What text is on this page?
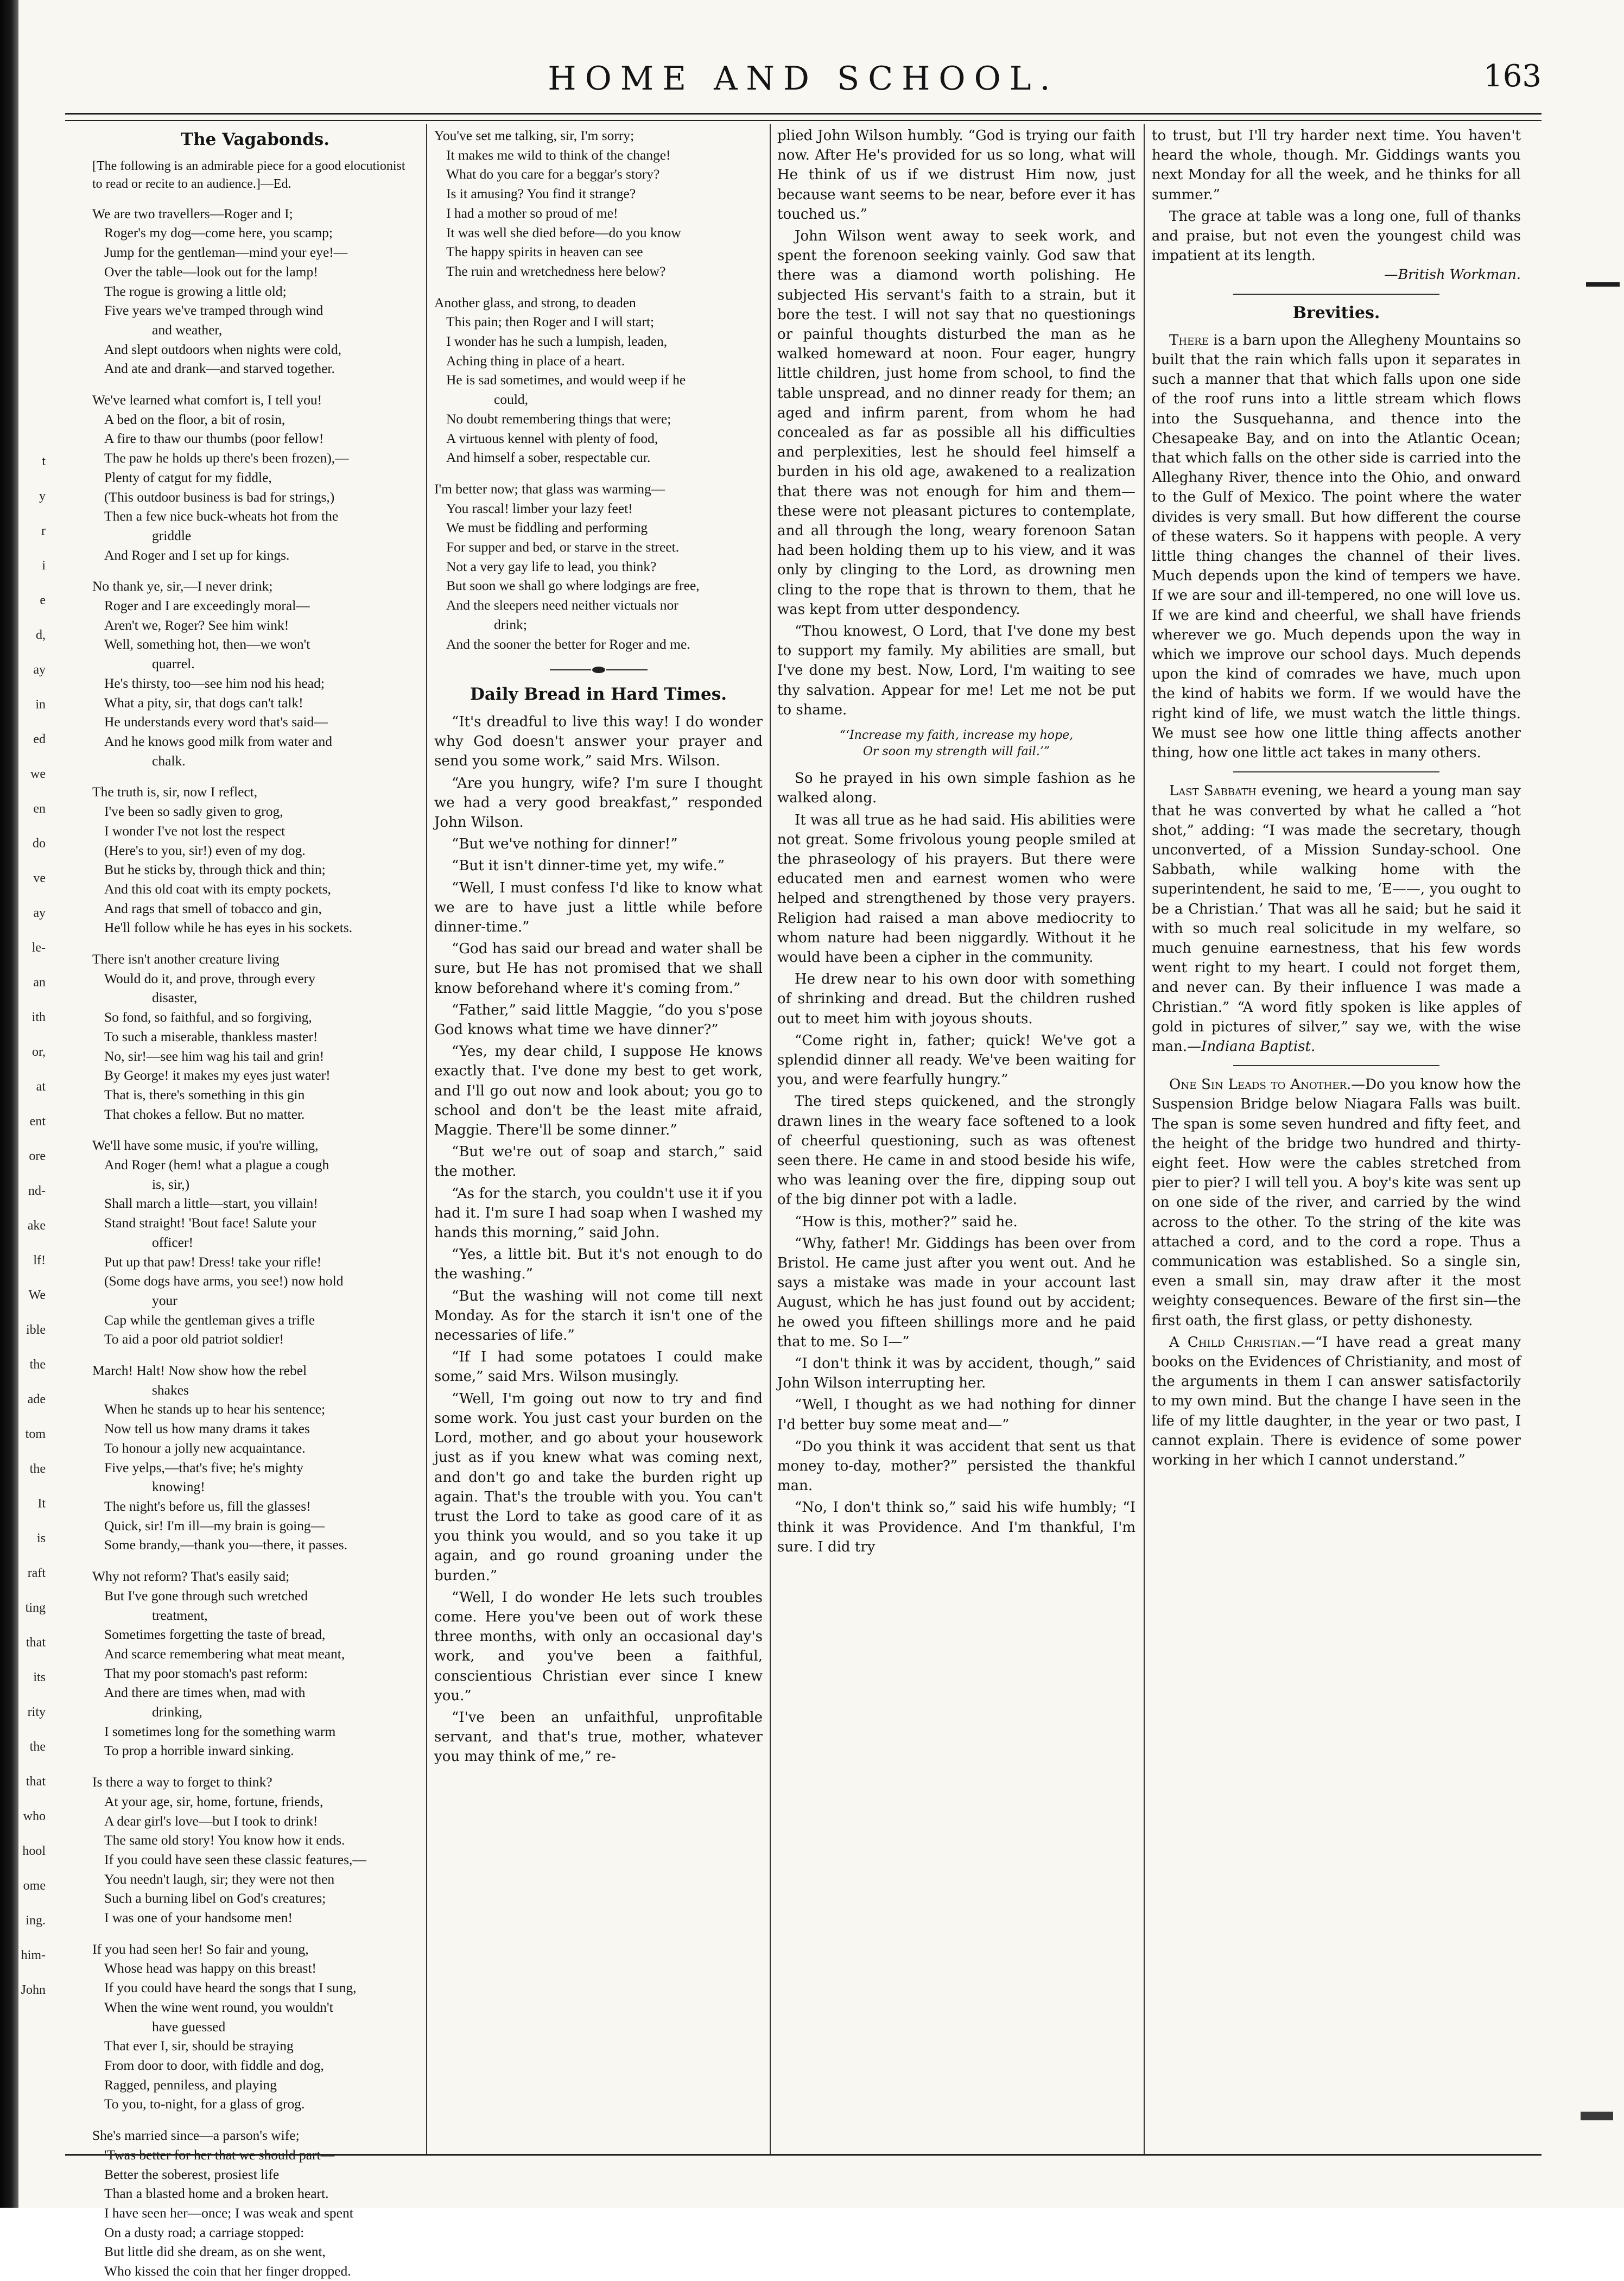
t
y
r
i
e
d,
ay
in
ed
we
en
do
ve
ay
le-
an
ith
or,
at
ent
ore
nd-
ake
lf!
We
ible
the
ade
tom
the
It
is
raft
ting
that
its
rity
the
that
who
hool
ome
ing.
him-
John
HOME AND SCHOOL.	163
The Vagabonds.
[The following is an admirable piece for a good elocutionist to read or recite to an audience.]—Ed.
We are two travellers—Roger and I;
Roger's my dog—come here, you scamp;
Jump for the gentleman—mind your eye!—
Over the table—look out for the lamp!
The rogue is growing a little old;
Five years we've tramped through wind
and weather,
And slept outdoors when nights were cold,
And ate and drank—and starved together.
We've learned what comfort is, I tell you!
A bed on the floor, a bit of rosin,
A fire to thaw our thumbs (poor fellow!
The paw he holds up there's been frozen),—
Plenty of catgut for my fiddle,
(This outdoor business is bad for strings,)
Then a few nice buck-wheats hot from the
griddle
And Roger and I set up for kings.
No thank ye, sir,—I never drink;
Roger and I are exceedingly moral—
Aren't we, Roger? See him wink!
Well, something hot, then—we won't
quarrel.
He's thirsty, too—see him nod his head;
What a pity, sir, that dogs can't talk!
He understands every word that's said—
And he knows good milk from water and
chalk.
The truth is, sir, now I reflect,
I've been so sadly given to grog,
I wonder I've not lost the respect
(Here's to you, sir!) even of my dog.
But he sticks by, through thick and thin;
And this old coat with its empty pockets,
And rags that smell of tobacco and gin,
He'll follow while he has eyes in his sockets.
There isn't another creature living
Would do it, and prove, through every
disaster,
So fond, so faithful, and so forgiving,
To such a miserable, thankless master!
No, sir!—see him wag his tail and grin!
By George! it makes my eyes just water!
That is, there's something in this gin
That chokes a fellow. But no matter.
We'll have some music, if you're willing,
And Roger (hem! what a plague a cough
is, sir,)
Shall march a little—start, you villain!
Stand straight! 'Bout face! Salute your
officer!
Put up that paw! Dress! take your rifle!
(Some dogs have arms, you see!) now hold
your
Cap while the gentleman gives a trifle
To aid a poor old patriot soldier!
March! Halt! Now show how the rebel
shakes
When he stands up to hear his sentence;
Now tell us how many drams it takes
To honour a jolly new acquaintance.
Five yelps,—that's five; he's mighty
knowing!
The night's before us, fill the glasses!
Quick, sir! I'm ill—my brain is going—
Some brandy,—thank you—there, it passes.
Why not reform? That's easily said;
But I've gone through such wretched
treatment,
Sometimes forgetting the taste of bread,
And scarce remembering what meat meant,
That my poor stomach's past reform:
And there are times when, mad with
drinking,
I sometimes long for the something warm
To prop a horrible inward sinking.
Is there a way to forget to think?
At your age, sir, home, fortune, friends,
A dear girl's love—but I took to drink!
The same old story! You know how it ends.
If you could have seen these classic features,—
You needn't laugh, sir; they were not then
Such a burning libel on God's creatures;
I was one of your handsome men!
If you had seen her! So fair and young,
Whose head was happy on this breast!
If you could have heard the songs that I sung,
When the wine went round, you wouldn't
have guessed
That ever I, sir, should be straying
From door to door, with fiddle and dog,
Ragged, penniless, and playing
To you, to-night, for a glass of grog.
She's married since—a parson's wife;
'Twas better for her that we should part—
Better the soberest, prosiest life
Than a blasted home and a broken heart.
I have seen her—once; I was weak and spent
On a dusty road; a carriage stopped:
But little did she dream, as on she went,
Who kissed the coin that her finger dropped.
You've set me talking, sir, I'm sorry;
It makes me wild to think of the change!
What do you care for a beggar's story?
Is it amusing? You find it strange?
I had a mother so proud of me!
It was well she died before—do you know
The happy spirits in heaven can see
The ruin and wretchedness here below?
Another glass, and strong, to deaden
This pain; then Roger and I will start;
I wonder has he such a lumpish, leaden,
Aching thing in place of a heart.
He is sad sometimes, and would weep if he
could,
No doubt remembering things that were;
A virtuous kennel with plenty of food,
And himself a sober, respectable cur.
I'm better now; that glass was warming—
You rascal! limber your lazy feet!
We must be fiddling and performing
For supper and bed, or starve in the street.
Not a very gay life to lead, you think?
But soon we shall go where lodgings are free,
And the sleepers need neither victuals nor
drink;
And the sooner the better for Roger and me.
Daily Bread in Hard Times.

“It's dreadful to live this way! I do wonder why God doesn't answer your prayer and send you some work,” said Mrs. Wilson.

“Are you hungry, wife? I'm sure I thought we had a very good breakfast,” responded John Wilson.

“But we've nothing for dinner!”

“But it isn't dinner-time yet, my wife.”

“Well, I must confess I'd like to know what we are to have just a little while before dinner-time.”

“God has said our bread and water shall be sure, but He has not promised that we shall know beforehand where it's coming from.”

“Father,” said little Maggie, “do you s'pose God knows what time we have dinner?”

“Yes, my dear child, I suppose He knows exactly that. I've done my best to get work, and I'll go out now and look about; you go to school and don't be the least mite afraid, Maggie. There'll be some dinner.”

“But we're out of soap and starch,” said the mother.

“As for the starch, you couldn't use it if you had it. I'm sure I had soap when I washed my hands this morning,” said John.

“Yes, a little bit. But it's not enough to do the washing.”

“But the washing will not come till next Monday. As for the starch it isn't one of the necessaries of life.”

“If I had some potatoes I could make some,” said Mrs. Wilson musingly.

“Well, I'm going out now to try and find some work. You just cast your burden on the Lord, mother, and go about your housework just as if you knew what was coming next, and don't go and take the burden right up again. That's the trouble with you. You can't trust the Lord to take as good care of it as you think you would, and so you take it up again, and go round groaning under the burden.”

“Well, I do wonder He lets such troubles come. Here you've been out of work these three months, with only an occasional day's work, and you've been a faithful, conscientious Christian ever since I knew you.”

“I've been an unfaithful, unprofitable servant, and that's true, mother, whatever you may think of me,” re-

plied John Wilson humbly. “God is trying our faith now. After He's provided for us so long, what will He think of us if we distrust Him now, just because want seems to be near, before ever it has touched us.”

John Wilson went away to seek work, and spent the forenoon seeking vainly. God saw that there was a diamond worth polishing. He subjected His servant's faith to a strain, but it bore the test. I will not say that no questionings or painful thoughts disturbed the man as he walked homeward at noon. Four eager, hungry little children, just home from school, to find the table unspread, and no dinner ready for them; an aged and infirm parent, from whom he had concealed as far as possible all his difficulties and perplexities, lest he should feel himself a burden in his old age, awakened to a realization that there was not enough for him and them—these were not pleasant pictures to contemplate, and all through the long, weary forenoon Satan had been holding them up to his view, and it was only by clinging to the Lord, as drowning men cling to the rope that is thrown to them, that he was kept from utter despondency.

“Thou knowest, O Lord, that I've done my best to support my family. My abilities are small, but I've done my best. Now, Lord, I'm waiting to see thy salvation. Appear for me! Let me not be put to shame.

“‘Increase my faith, increase my hope,
Or soon my strength will fail.’”

So he prayed in his own simple fashion as he walked along.

It was all true as he had said. His abilities were not great. Some frivolous young people smiled at the phraseology of his prayers. But there were educated men and earnest women who were helped and strengthened by those very prayers. Religion had raised a man above mediocrity to whom nature had been niggardly. Without it he would have been a cipher in the community.

He drew near to his own door with something of shrinking and dread. But the children rushed out to meet him with joyous shouts.

“Come right in, father; quick! We've got a splendid dinner all ready. We've been waiting for you, and were fearfully hungry.”

The tired steps quickened, and the strongly drawn lines in the weary face softened to a look of cheerful questioning, such as was oftenest seen there. He came in and stood beside his wife, who was leaning over the fire, dipping soup out of the big dinner pot with a ladle.

“How is this, mother?” said he.

“Why, father! Mr. Giddings has been over from Bristol. He came just after you went out. And he says a mistake was made in your account last August, which he has just found out by accident; he owed you fifteen shillings more and he paid that to me. So I—”

“I don't think it was by accident, though,” said John Wilson interrupting her.

“Well, I thought as we had nothing for dinner I'd better buy some meat and—”

“Do you think it was accident that sent us that money to-day, mother?” persisted the thankful man.

“No, I don't think so,” said his wife humbly; “I think it was Providence. And I'm thankful, I'm sure. I did try

to trust, but I'll try harder next time. You haven't heard the whole, though. Mr. Giddings wants you next Monday for all the week, and he thinks for all summer.”

The grace at table was a long one, full of thanks and praise, but not even the youngest child was impatient at its length.

—British Workman.
Brevities.

There is a barn upon the Allegheny Mountains so built that the rain which falls upon it separates in such a manner that that which falls upon one side of the roof runs into a little stream which flows into the Susquehanna, and thence into the Chesapeake Bay, and on into the Atlantic Ocean; that which falls on the other side is carried into the Alleghany River, thence into the Ohio, and onward to the Gulf of Mexico. The point where the water divides is very small. But how different the course of these waters. So it happens with people. A very little thing changes the channel of their lives. Much depends upon the kind of tempers we have. If we are sour and ill-tempered, no one will love us. If we are kind and cheerful, we shall have friends wherever we go. Much depends upon the way in which we improve our school days. Much depends upon the kind of comrades we have, much upon the kind of habits we form. If we would have the right kind of life, we must watch the little things. We must see how one little thing affects another thing, how one little act takes in many others.

Last Sabbath evening, we heard a young man say that he was converted by what he called a “hot shot,” adding: “I was made the secretary, though unconverted, of a Mission Sunday-school. One Sabbath, while walking home with the superintendent, he said to me, ‘E——, you ought to be a Christian.’ That was all he said; but he said it with so much real solicitude in my welfare, so much genuine earnestness, that his few words went right to my heart. I could not forget them, and never can. By their influence I was made a Christian.” “A word fitly spoken is like apples of gold in pictures of silver,” say we, with the wise man.—Indiana Baptist.

One Sin Leads to Another.—Do you know how the Suspension Bridge below Niagara Falls was built. The span is some seven hundred and fifty feet, and the height of the bridge two hundred and thirty-eight feet. How were the cables stretched from pier to pier? I will tell you. A boy's kite was sent up on one side of the river, and carried by the wind across to the other. To the string of the kite was attached a cord, and to the cord a rope. Thus a communication was established. So a single sin, even a small sin, may draw after it the most weighty consequences. Beware of the first sin—the first oath, the first glass, or petty dishonesty.

A Child Christian.—“I have read a great many books on the Evidences of Christianity, and most of the arguments in them I can answer satisfactorily to my own mind. But the change I have seen in the life of my little daughter, in the year or two past, I cannot explain. There is evidence of some power working in her which I cannot understand.”
